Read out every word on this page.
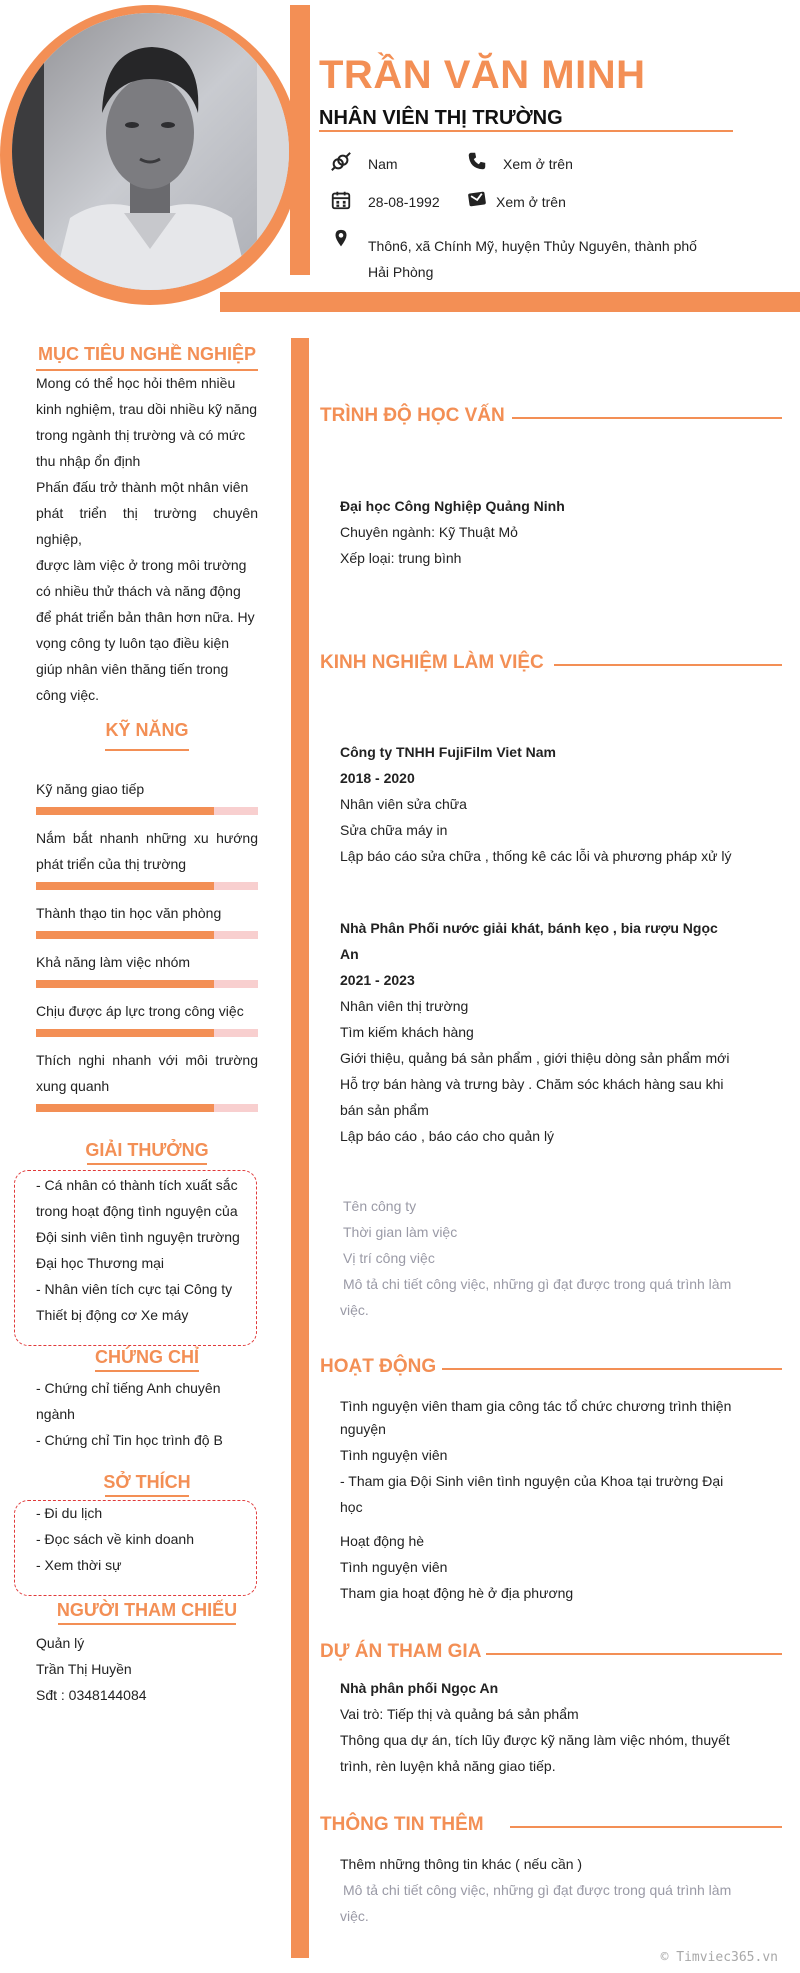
TRẦN VĂN MINH
NHÂN VIÊN THỊ TRƯỜNG
Nam	Xem ở trên
28-08-1992	Xem ở trên
Thôn6, xã Chính Mỹ, huyện Thủy Nguyên, thành phố
Hải Phòng
MỤC TIÊU NGHỀ NGHIỆP
Mong có thể học hỏi thêm nhiều
kinh nghiệm, trau dồi nhiều kỹ năng
trong ngành thị trường và có mức
thu nhập ổn định
Phấn đấu trở thành một nhân viên
phát triển thị trường chuyên nghiệp,
được làm việc ở trong môi trường
có nhiều thử thách và năng động
để phát triển bản thân hơn nữa. Hy
vọng công ty luôn tạo điều kiện
giúp nhân viên thăng tiến trong
công việc.
KỸ NĂNG
Kỹ năng giao tiếp
Nắm bắt nhanh những xu hướng phát triển của thị trường
Thành thạo tin học văn phòng
Khả năng làm việc nhóm
Chịu được áp lực trong công việc
Thích nghi nhanh với môi trường xung quanh
GIẢI THƯỞNG
- Cá nhân có thành tích xuất sắc
trong hoạt động tình nguyện của
Đội sinh viên tình nguyện trường
Đại học Thương mại
- Nhân viên tích cực tại Công ty
Thiết bị động cơ Xe máy
CHỨNG CHỈ
- Chứng chỉ tiếng Anh chuyên
ngành
- Chứng chỉ Tin học trình độ B
SỞ THÍCH
- Đi du lịch
- Đọc sách về kinh doanh
- Xem thời sự
NGƯỜI THAM CHIẾU
Quản lý
Trần Thị Huyền
Sđt : 0348144084
TRÌNH ĐỘ HỌC VẤN
Đại học Công Nghiệp Quảng Ninh
Chuyên ngành: Kỹ Thuật Mỏ
Xếp loại: trung bình
KINH NGHIỆM LÀM VIỆC
Công ty TNHH FujiFilm Viet Nam
2018 - 2020
Nhân viên sửa chữa
Sửa chữa máy in
Lập báo cáo sửa chữa , thống kê các lỗi và phương pháp xử lý
Nhà Phân Phối nước giải khát, bánh kẹo , bia rượu Ngọc
An
2021 - 2023
Nhân viên thị trường
Tìm kiếm khách hàng
Giới thiệu, quảng bá sản phẩm , giới thiệu dòng sản phẩm mới
Hỗ trợ bán hàng và trưng bày . Chăm sóc khách hàng sau khi
bán sản phẩm
Lập báo cáo , báo cáo cho quản lý
Tên công ty
Thời gian làm việc
Vị trí công việc
Mô tả chi tiết công việc, những gì đạt được trong quá trình làm
việc.
HOẠT ĐỘNG
Tình nguyện viên tham gia công tác tổ chức chương trình thiện
nguyện
Tình nguyện viên
- Tham gia Đội Sinh viên tình nguyện của Khoa tại trường Đại
học
Hoạt động hè
Tình nguyện viên
Tham gia hoạt động hè ở địa phương
DỰ ÁN THAM GIA
Nhà phân phối Ngọc An
Vai trò: Tiếp thị và quảng bá sản phẩm
Thông qua dự án, tích lũy được kỹ năng làm việc nhóm, thuyết
trình, rèn luyện khả năng giao tiếp.
THÔNG TIN THÊM
Thêm những thông tin khác ( nếu cần )
Mô tả chi tiết công việc, những gì đạt được trong quá trình làm
việc.
© Timviec365.vn
